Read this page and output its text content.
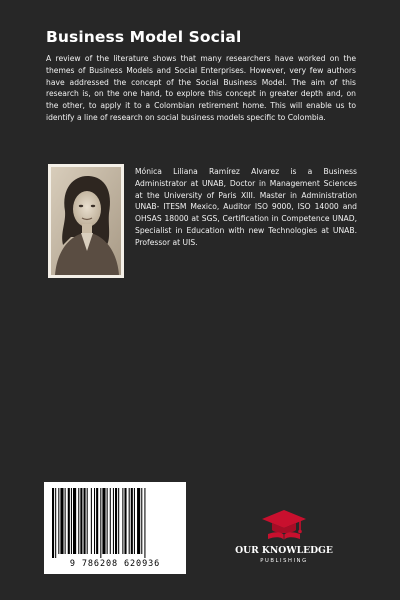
Business Model Social
A review of the literature shows that many researchers have worked on the themes of Business Models and Social Enterprises. However, very few authors have addressed the concept of the Social Business Model. The aim of this research is, on the one hand, to explore this concept in greater depth and, on the other, to apply it to a Colombian retirement home. This will enable us to identify a line of research on social business models specific to Colombia.
Mónica Liliana Ramírez Alvarez is a Business Administrator at UNAB, Doctor in Management Sciences at the University of Paris XIII. Master in Administration UNAB- ITESM Mexico, Auditor ISO 9000, ISO 14000 and OHSAS 18000 at SGS, Certification in Competence UNAD, Specialist in Education with new Technologies at UNAB. Professor at UIS.
9 786208 620936
OUR KNOWLEDGE
PUBLISHING
